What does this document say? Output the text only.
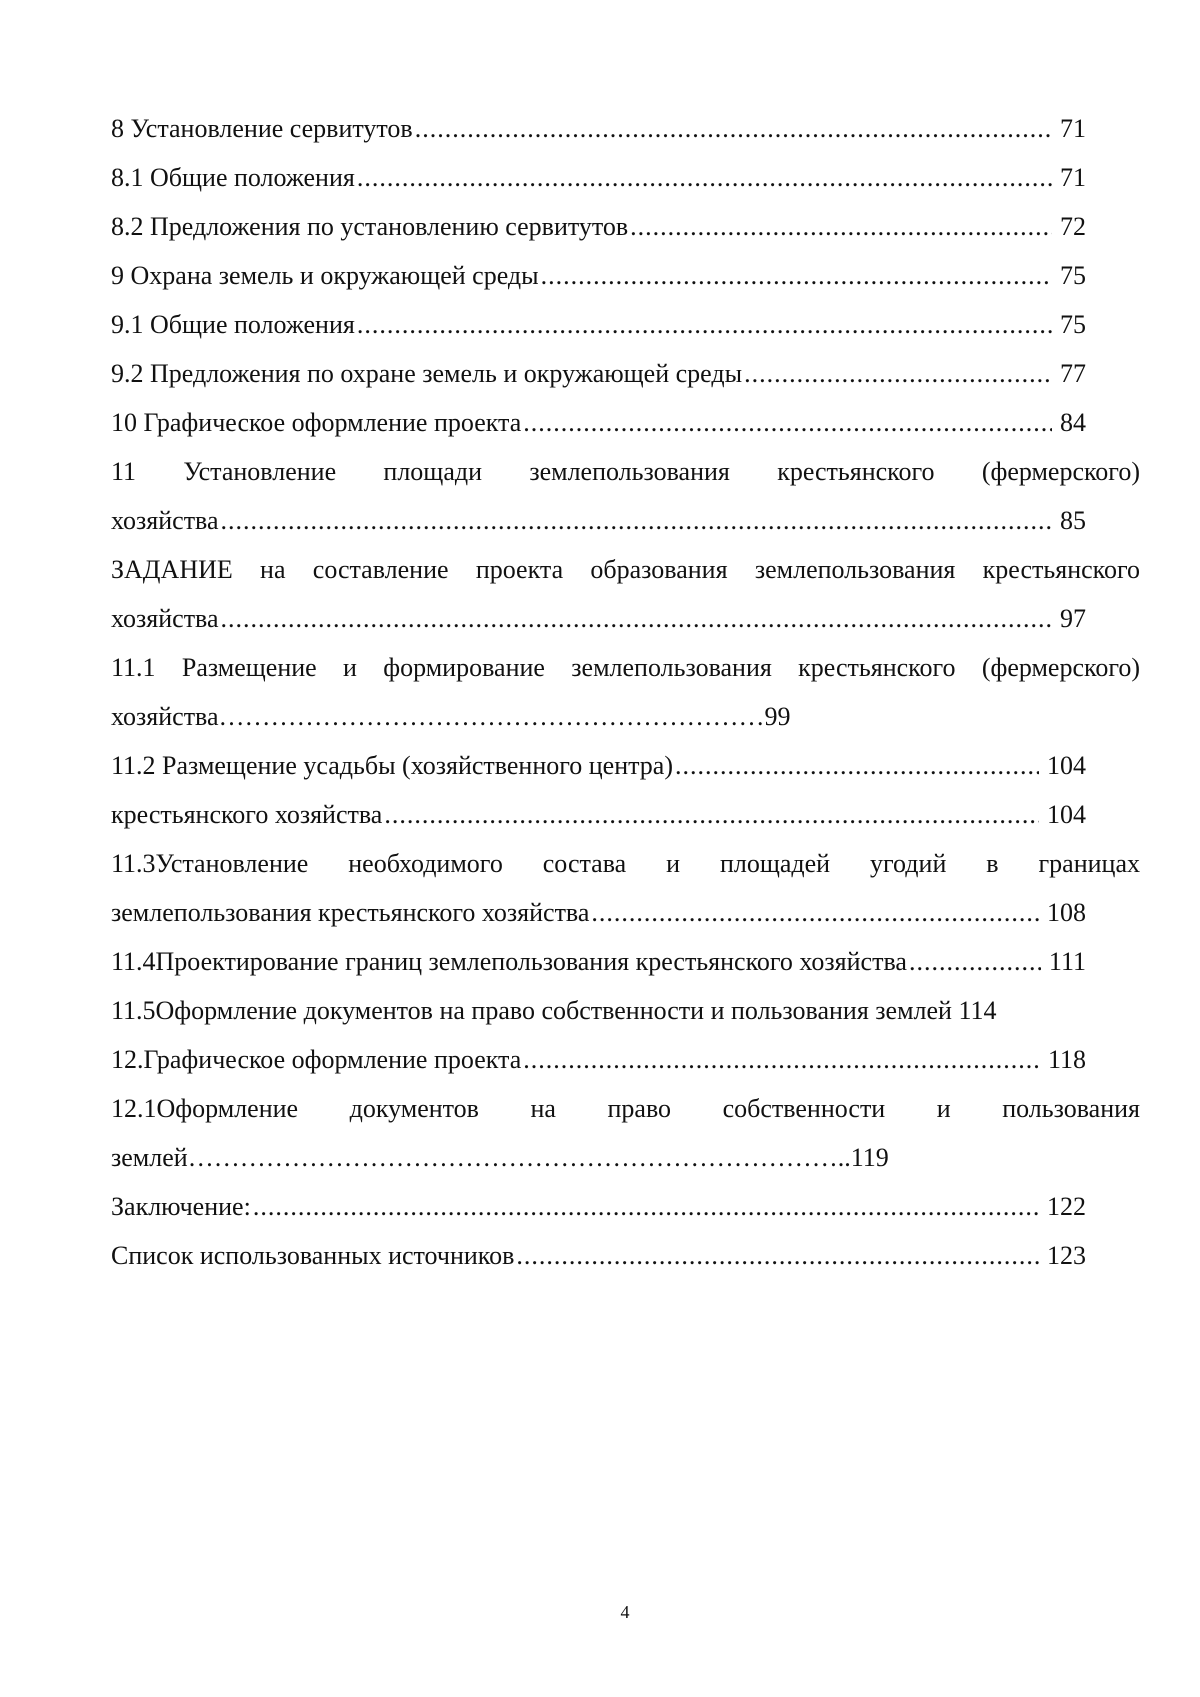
8 Установление сервитутов .....	71
8.1 Общие положения .....	71
8.2 Предложения по установлению сервитутов .....	72
9 Охрана земель и окружающей среды .....	75
9.1 Общие положения .....	75
9.2 Предложения по охране земель и окружающей среды .....	77
10 Графическое оформление проекта .....	84
11 Установление площади землепользования крестьянского (фермерского)
хозяйства .....	85
ЗАДАНИЕ на составление проекта образования землепользования крестьянского
хозяйства .....	97
11.1 Размещение и формирование землепользования крестьянского (фермерского)
хозяйства………………………………………………………99
11.2 Размещение усадьбы (хозяйственного центра) .....	104
крестьянского хозяйства .....	104
11.3Установление необходимого состава и площадей угодий в границах
землепользования крестьянского хозяйства .....	108
11.4Проектирование границ землепользования крестьянского хозяйства .....	111
11.5Оформление документов на право собственности и пользования землей 114
12.Графическое оформление проекта .....	118
12.1Оформление документов на право собственности и пользования
землей…………………………………………………………………..119
Заключение: .....	122
Список использованных источников .....	123
4
